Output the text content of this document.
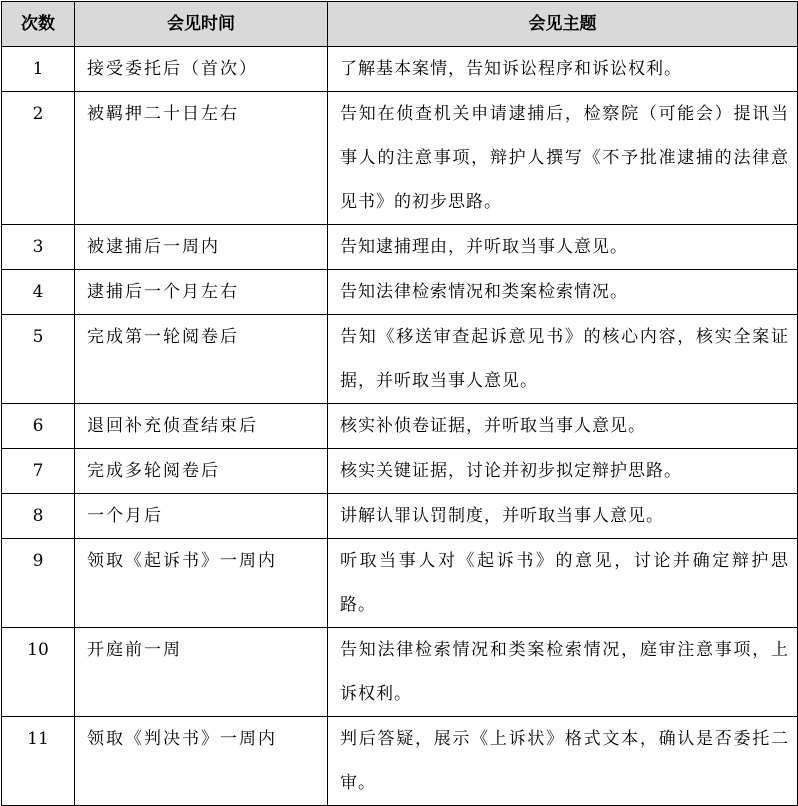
次数	会见时间	会见主题
1	接受委托后（首次）	了解基本案情，告知诉讼程序和诉讼权利。
2	被羁押二十日左右	告知在侦查机关申请逮捕后，检察院（可能会）提讯当事人的注意事项，辩护人撰写《不予批准逮捕的法律意见书》的初步思路。
3	被逮捕后一周内	告知逮捕理由，并听取当事人意见。
4	逮捕后一个月左右	告知法律检索情况和类案检索情况。
5	完成第一轮阅卷后	告知《移送审查起诉意见书》的核心内容，核实全案证据，并听取当事人意见。
6	退回补充侦查结束后	核实补侦卷证据，并听取当事人意见。
7	完成多轮阅卷后	核实关键证据，讨论并初步拟定辩护思路。
8	一个月后	讲解认罪认罚制度，并听取当事人意见。
9	领取《起诉书》一周内	听取当事人对《起诉书》的意见，讨论并确定辩护思路。
10	开庭前一周	告知法律检索情况和类案检索情况，庭审注意事项，上诉权利。
11	领取《判决书》一周内	判后答疑，展示《上诉状》格式文本，确认是否委托二审。
